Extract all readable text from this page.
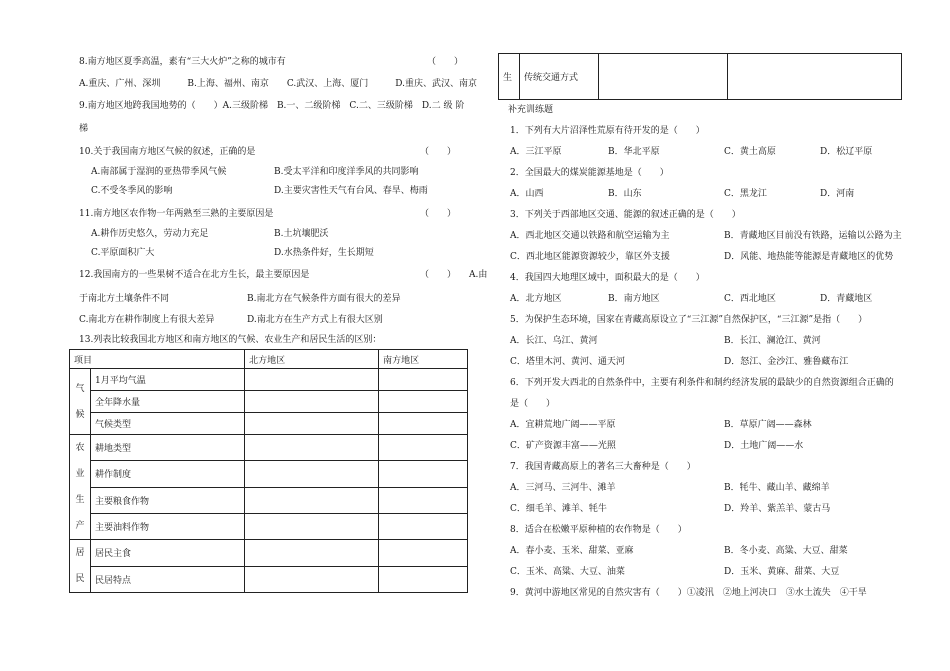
8.南方地区夏季高温，素有“三大火炉”之称的城市有	（　　）
A.重庆、广州、深圳　　　B.上海、福州、南京　　C.武汉、上海、厦门　　　D.重庆、武汉、南京
9.南方地区地跨我国地势的（　　）A.三级阶梯　B.一、二级阶梯　C.二、三级阶梯　D.二 级 阶
梯
10.关于我国南方地区气候的叙述，正确的是	（　　）
A.南部属于湿润的亚热带季风气候	B.受太平洋和印度洋季风的共同影响
C.不受冬季风的影响	D.主要灾害性天气有台风、春旱、梅雨
11.南方地区农作物一年两熟至三熟的主要原因是	（　　）
A.耕作历史悠久，劳动力充足	B.土坑壤肥沃
C.平原面积广大	D.水热条件好，生长期短
12.我国南方的一些果树不适合在北方生长，最主要原因是	（　　） A.由
于南北方土壤条件不同	B.南北方在气候条件方面有很大的差异
C.南北方在耕作制度上有很大差异	D.南北方在生产方式上有很大区别
13.列表比较我国北方地区和南方地区的气候、农业生产和居民生活的区别：
项目		北方地区	南方地区

气
候	1月平均气温		
	全年降水量		
	气候类型		

农
业
生
产	耕地类型		
	耕作制度		
	主要粮食作物		
	主要油料作物		

居
民	居民主食		
	民居特点		
生	传统交通方式		
补充训练题
1．下列有大片沼泽性荒原有待开发的是（　　）
A．三江平原	B．华北平原	C．黄土高原	D．松辽平原
2．全国最大的煤炭能源基地是（　　）
A．山西	B．山东	C．黑龙江	D．河南
3．下列关于西部地区交通、能源的叙述正确的是（　　）
A．西北地区交通以铁路和航空运输为主	B．青藏地区目前没有铁路，运输以公路为主
C．西北地区能源资源较少，靠区外支援	D．风能、地热能等能源是青藏地区的优势
4．我国四大地理区域中，面积最大的是（　　）
A．北方地区	B．南方地区	C．西北地区	D．青藏地区
5．为保护生态环境，国家在青藏高原设立了“三江源”自然保护区，“三江源”是指（　　）
A．长江、乌江、黄河	B．长江、澜沧江、黄河
C．塔里木河、黄河、通天河	D．怒江、金沙江、雅鲁藏布江
6．下列开发大西北的自然条件中，主要有利条件和制约经济发展的最缺少的自然资源组合正确的
是（　　）
A．宜耕荒地广阔——平原	B．草原广阔——森林
C．矿产资源丰富——光照	D．土地广阔——水
7．我国青藏高原上的著名三大畜种是（　　）
A．三河马、三河牛、滩羊	B．牦牛、藏山羊、藏绵羊
C．细毛羊、滩羊、牦牛	D．羚羊、紫羔羊、蒙古马
8．适合在松嫩平原种植的农作物是（　　）
A．春小麦、玉米、甜菜、亚麻	B．冬小麦、高粱、大豆、甜菜
C．玉米、高粱、大豆、油菜	D．玉米、黄麻、甜菜、大豆
9．黄河中游地区常见的自然灾害有（　　）①凌汛　②地上河决口　③水土流失　④干旱
